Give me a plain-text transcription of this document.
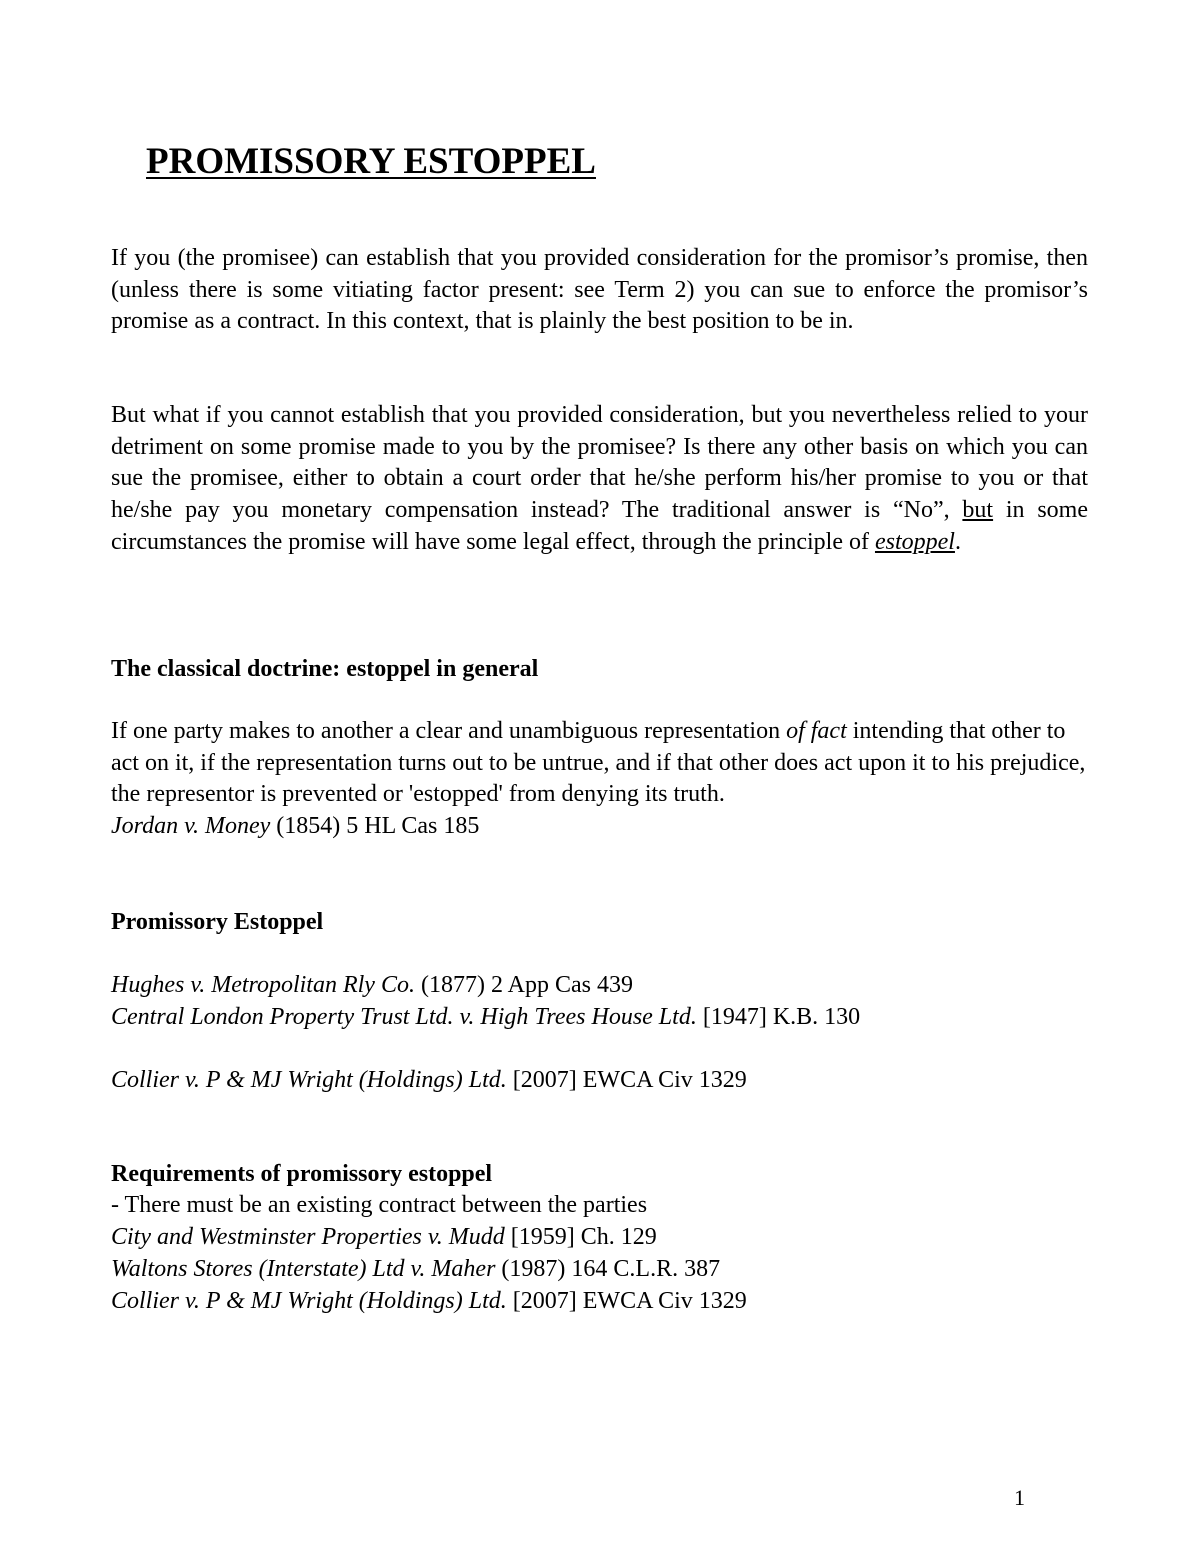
PROMISSORY ESTOPPEL

If you (the promisee) can establish that you provided consideration for the promisor’s promise, then (unless there is some vitiating factor present: see Term 2) you can sue to enforce the promisor’s promise as a contract. In this context, that is plainly the best position to be in.

But what if you cannot establish that you provided consideration, but you nevertheless relied to your detriment on some promise made to you by the promisee? Is there any other basis on which you can sue the promisee, either to obtain a court order that he/she perform his/her promise to you or that he/she pay you monetary compensation instead? The traditional answer is “No”, but in some circumstances the promise will have some legal effect, through the principle of estoppel.

The classical doctrine: estoppel in general

If one party makes to another a clear and unambiguous representation of fact intending that other to act on it, if the representation turns out to be untrue, and if that other does act upon it to his prejudice, the representor is prevented or 'estopped' from denying its truth.
Jordan v. Money (1854) 5 HL Cas 185

Promissory Estoppel

Hughes v. Metropolitan Rly Co. (1877) 2 App Cas 439

Central London Property Trust Ltd. v. High Trees House Ltd. [1947] K.B. 130

Collier v. P & MJ Wright (Holdings) Ltd. [2007] EWCA Civ 1329

Requirements of promissory estoppel

- There must be an existing contract between the parties

City and Westminster Properties v. Mudd [1959] Ch. 129

Waltons Stores (Interstate) Ltd v. Maher (1987) 164 C.L.R. 387

Collier v. P & MJ Wright (Holdings) Ltd. [2007] EWCA Civ 1329

1
